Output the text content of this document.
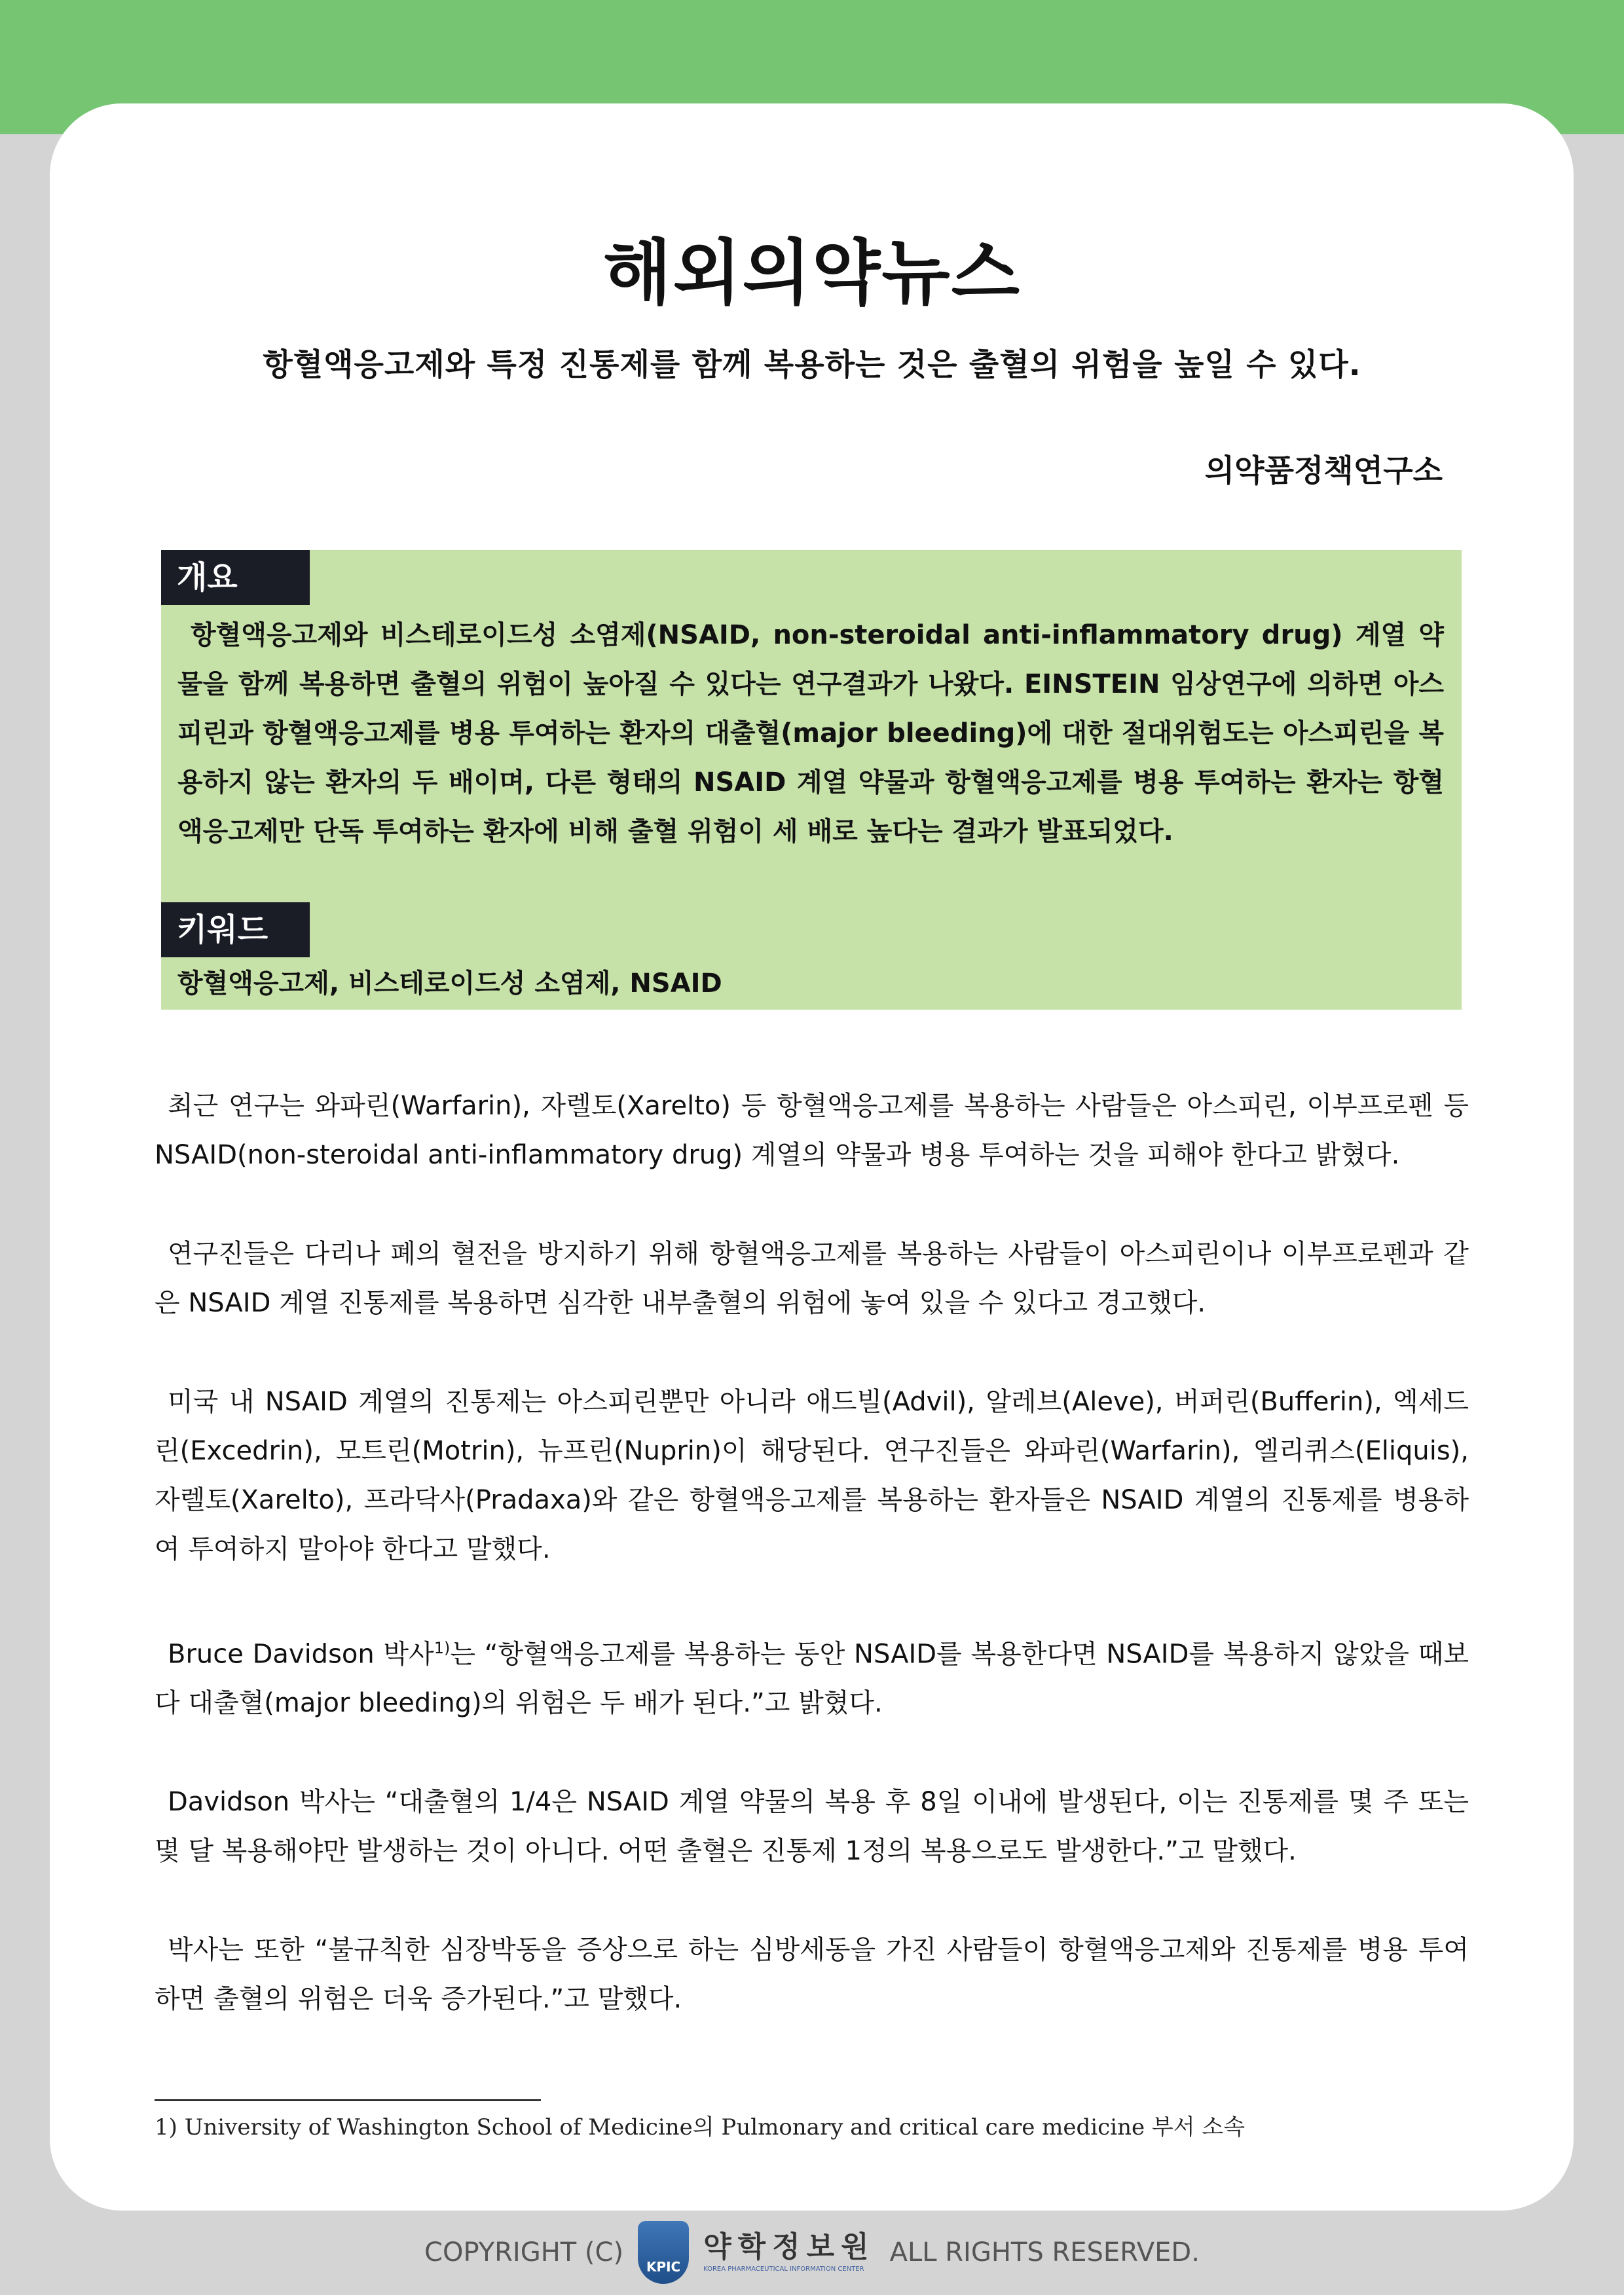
해외의약뉴스
항혈액응고제와 특정 진통제를 함께 복용하는 것은 출혈의 위험을 높일 수 있다.

의약품정책연구소

개요

항혈액응고제와 비스테로이드성 소염제(NSAID, non-steroidal anti-inflammatory drug) 계열 약물을 함께 복용하면 출혈의 위험이 높아질 수 있다는 연구결과가 나왔다. EINSTEIN 임상연구에 의하면 아스피린과 항혈액응고제를 병용 투여하는 환자의 대출혈(major bleeding)에 대한 절대위험도는 아스피린을 복용하지 않는 환자의 두 배이며, 다른 형태의 NSAID 계열 약물과 항혈액응고제를 병용 투여하는 환자는 항혈액응고제만 단독 투여하는 환자에 비해 출혈 위험이 세 배로 높다는 결과가 발표되었다.

키워드

항혈액응고제, 비스테로이드성 소염제, NSAID

최근 연구는 와파린(Warfarin), 자렐토(Xarelto) 등 항혈액응고제를 복용하는 사람들은 아스피린, 이부프로펜 등 NSAID(non-steroidal anti-inflammatory drug) 계열의 약물과 병용 투여하는 것을 피해야 한다고 밝혔다.

연구진들은 다리나 폐의 혈전을 방지하기 위해 항혈액응고제를 복용하는 사람들이 아스피린이나 이부프로펜과 같은 NSAID 계열 진통제를 복용하면 심각한 내부출혈의 위험에 놓여 있을 수 있다고 경고했다.

미국 내 NSAID 계열의 진통제는 아스피린뿐만 아니라 애드빌(Advil), 알레브(Aleve), 버퍼린(Bufferin), 엑세드린(Excedrin), 모트린(Motrin), 뉴프린(Nuprin)이 해당된다. 연구진들은 와파린(Warfarin), 엘리퀴스(Eliquis), 자렐토(Xarelto), 프라닥사(Pradaxa)와 같은 항혈액응고제를 복용하는 환자들은 NSAID 계열의 진통제를 병용하여 투여하지 말아야 한다고 말했다.

Bruce Davidson 박사$^{1)}$는 “항혈액응고제를 복용하는 동안 NSAID를 복용한다면 NSAID를 복용하지 않았을 때보다 대출혈(major bleeding)의 위험은 두 배가 된다.”고 밝혔다.

Davidson 박사는 “대출혈의 1/4은 NSAID 계열 약물의 복용 후 8일 이내에 발생된다, 이는 진통제를 몇 주 또는 몇 달 복용해야만 발생하는 것이 아니다. 어떤 출혈은 진통제 1정의 복용으로도 발생한다.”고 말했다.

박사는 또한 “불규칙한 심장박동을 증상으로 하는 심방세동을 가진 사람들이 항혈액응고제와 진통제를 병용 투여하면 출혈의 위험은 더욱 증가된다.”고 말했다.

1) University of Washington School of Medicine의 Pulmonary and critical care medicine 부서 소속

COPYRIGHT (C)	KPIC
약학정보원
KOREA PHARMACEUTICAL INFORMATION CENTER
ALL RIGHTS RESERVED.
